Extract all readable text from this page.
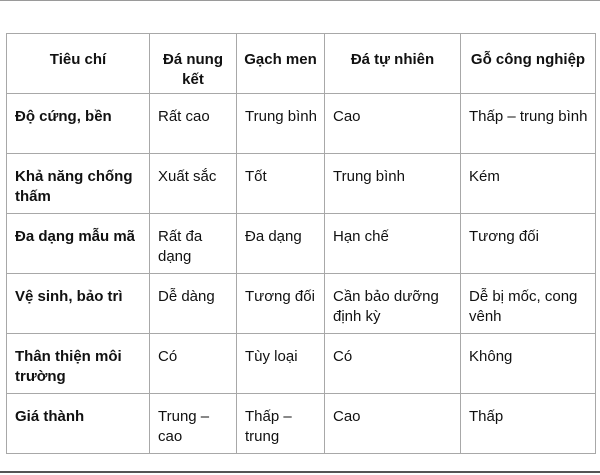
Tiêu chí	Đá nung kết	Gạch men	Đá tự nhiên	Gỗ công nghiệp
Độ cứng, bền	Rất cao	Trung bình	Cao	Thấp – trung bình
Khả năng chống thấm	Xuất sắc	Tốt	Trung bình	Kém
Đa dạng mẫu mã	Rất đa dạng	Đa dạng	Hạn chế	Tương đối
Vệ sinh, bảo trì	Dễ dàng	Tương đối	Cần bảo dưỡng định kỳ	Dễ bị mốc, cong vênh
Thân thiện môi trường	Có	Tùy loại	Có	Không
Giá thành	Trung – cao	Thấp – trung	Cao	Thấp
